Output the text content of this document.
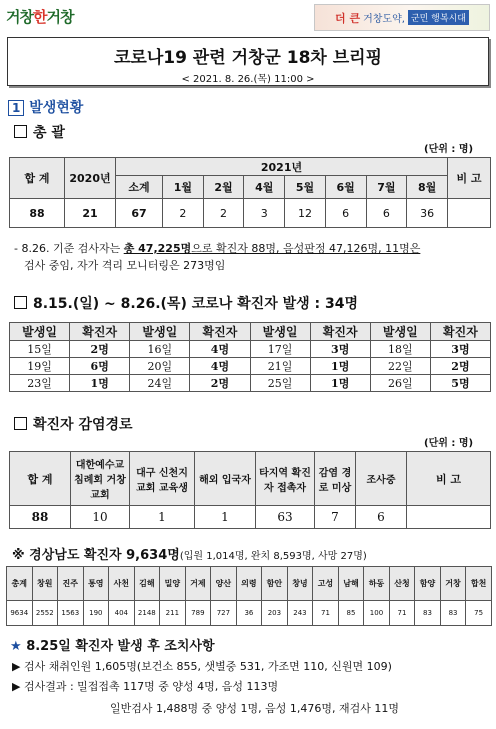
거창한거창	더 큰 거창도약, 군민 행복시대
코로나19 관련 거창군 18차 브리핑
< 2021. 8. 26.(목) 11:00 >
1 발생현황
총 괄
(단위 : 명)
합 계	2020년	2021년								비 고
		소계	1월	2월	4월	5월	6월	7월	8월	
88	21	67	2	2	3	12	6	6	36	
- 8.26. 기준 검사자는 총 47,225명으로 확진자 88명, 음성판정 47,126명, 11명은
검사 중임, 자가 격리 모니터링은 273명임
8.15.(일) ~ 8.26.(목) 코로나 확진자 발생 : 34명
발생일	확진자	발생일	확진자	발생일	확진자	발생일	확진자
15일	2명	16일	4명	17일	3명	18일	3명
19일	6명	20일	4명	21일	1명	22일	2명
23일	1명	24일	2명	25일	1명	26일	5명
확진자 감염경로
(단위 : 명)
합 계	대한예수교 침례회 거창교회	대구 신천지 교회 교육생	해외 입국자	타지역 확진자 접촉자	감염 경로 미상	조사중	비 고
88	10	1	1	63	7	6	
※ 경상남도 확진자 9,634명(입원 1,014명, 완치 8,593명, 사망 27명)
총계	창원	진주	통영	사천	김해	밀양	거제	양산	의령	함안	창녕	고성	남해	하동	산청	함양	거창	합천
9634	2552	1563	190	404	2148	211	789	727	36	203	243	71	85	100	71	83	83	75
★ 8.25일 확진자 발생 후 조치사항
▶ 검사 채취인원 1,605명(보건소 855, 샛별중 531, 가조면 110, 신원면 109)
▶ 검사결과 : 밀접접촉 117명 중 양성 4명, 음성 113명
일반검사 1,488명 중 양성 1명, 음성 1,476명, 재검사 11명
